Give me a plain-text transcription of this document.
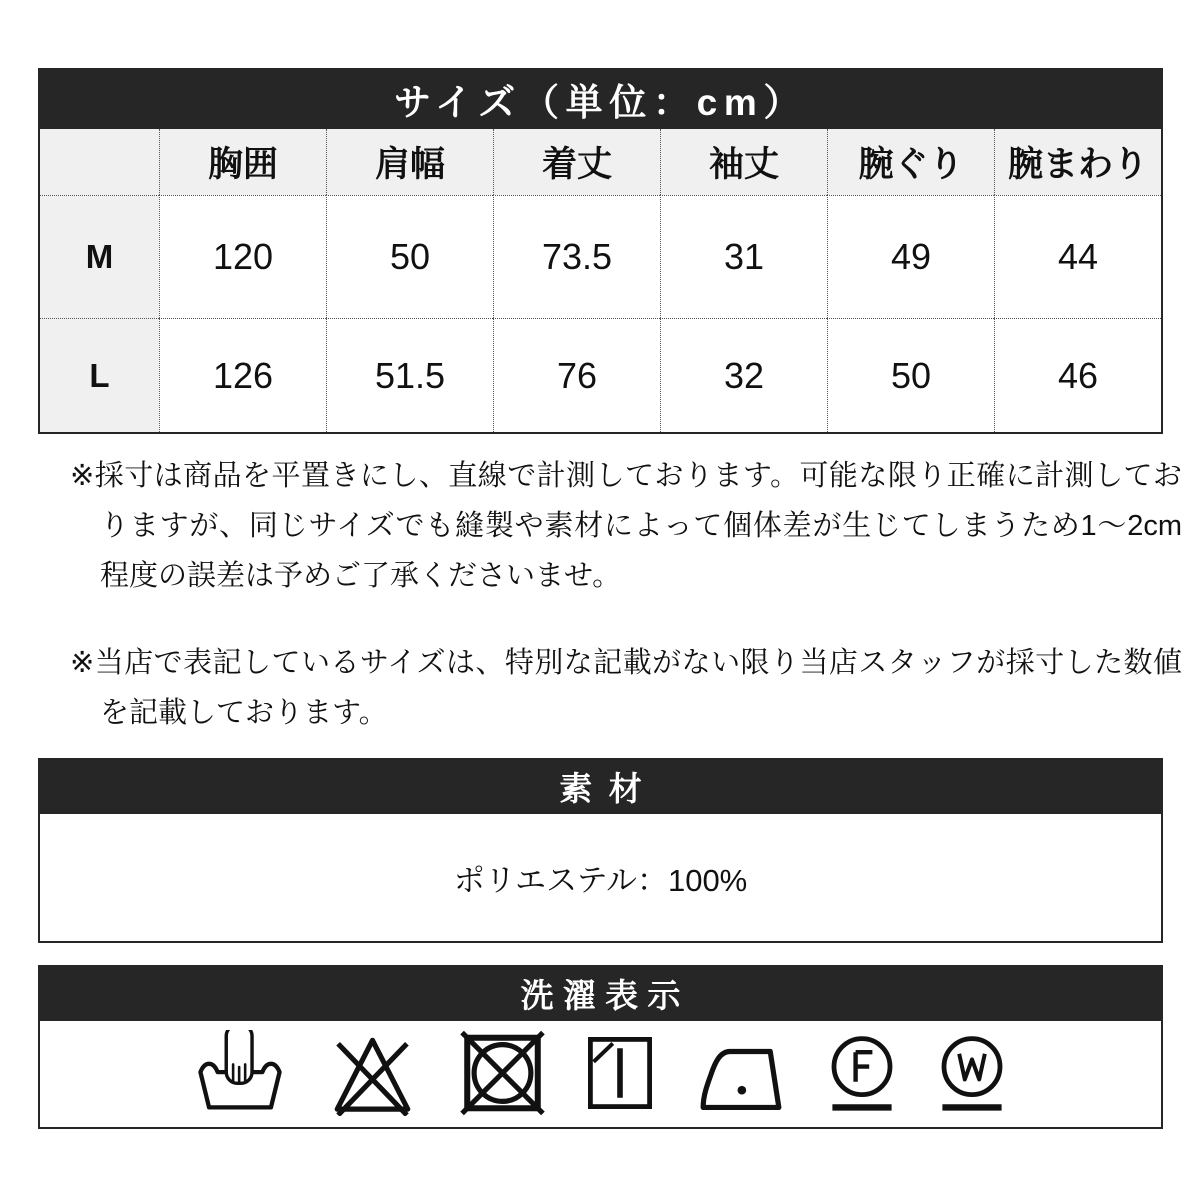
サイズ（単位：cm）
胸囲	肩幅	着丈	袖丈	腕ぐり	腕まわり
M	120	50	73.5	31	49	44
L	126	51.5	76	32	50	46

※採寸は商品を平置きにし、直線で計測しております。可能な限り正確に計測しておりますが、同じサイズでも縫製や素材によって個体差が生じてしまうため1〜2cm程度の誤差は予めご了承くださいませ。

※当店で表記しているサイズは、特別な記載がない限り当店スタッフが採寸した数値を記載しております。

素材
ポリエステル：100%
洗濯表示
